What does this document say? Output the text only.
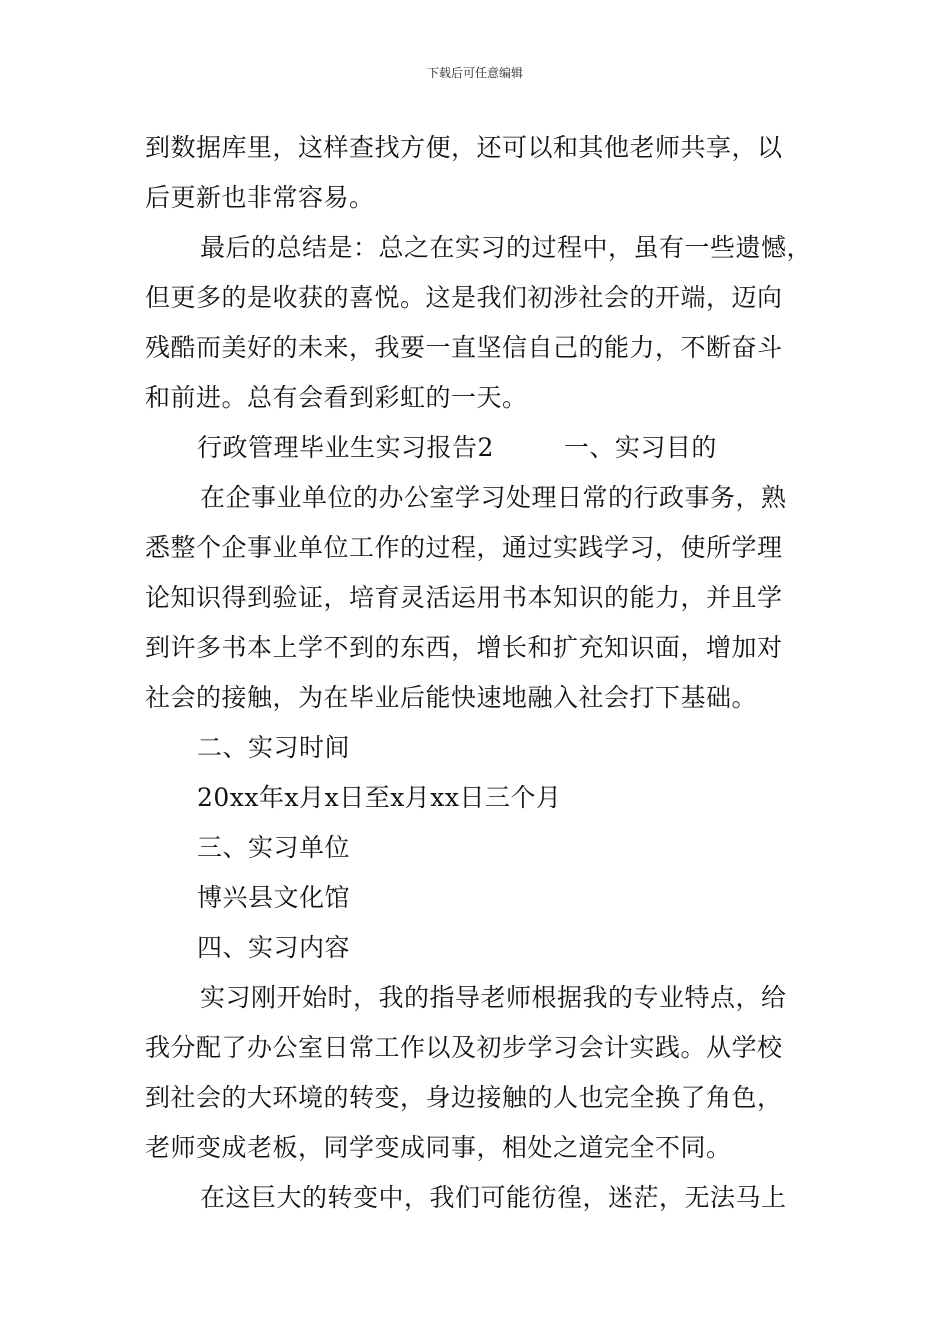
下载后可任意编辑
到数据库里，这样查找方便，还可以和其他老师共享，以
后更新也非常容易。
最后的总结是：总之在实习的过程中，虽有一些遗憾，
但更多的是收获的喜悦。这是我们初涉社会的开端，迈向
残酷而美好的未来，我要一直坚信自己的能力，不断奋斗
和前进。总有会看到彩虹的一天。
行政管理毕业生实习报告2	一、实习目的
在企事业单位的办公室学习处理日常的行政事务，熟
悉整个企事业单位工作的过程，通过实践学习，使所学理
论知识得到验证，培育灵活运用书本知识的能力，并且学
到许多书本上学不到的东西，增长和扩充知识面，增加对
社会的接触，为在毕业后能快速地融入社会打下基础。
二、实习时间
20xx年x月x日至x月xx日三个月
三、实习单位
博兴县文化馆
四、实习内容
实习刚开始时，我的指导老师根据我的专业特点，给
我分配了办公室日常工作以及初步学习会计实践。从学校
到社会的大环境的转变，身边接触的人也完全换了角色，
老师变成老板，同学变成同事，相处之道完全不同。
在这巨大的转变中，我们可能彷徨，迷茫，无法马上
